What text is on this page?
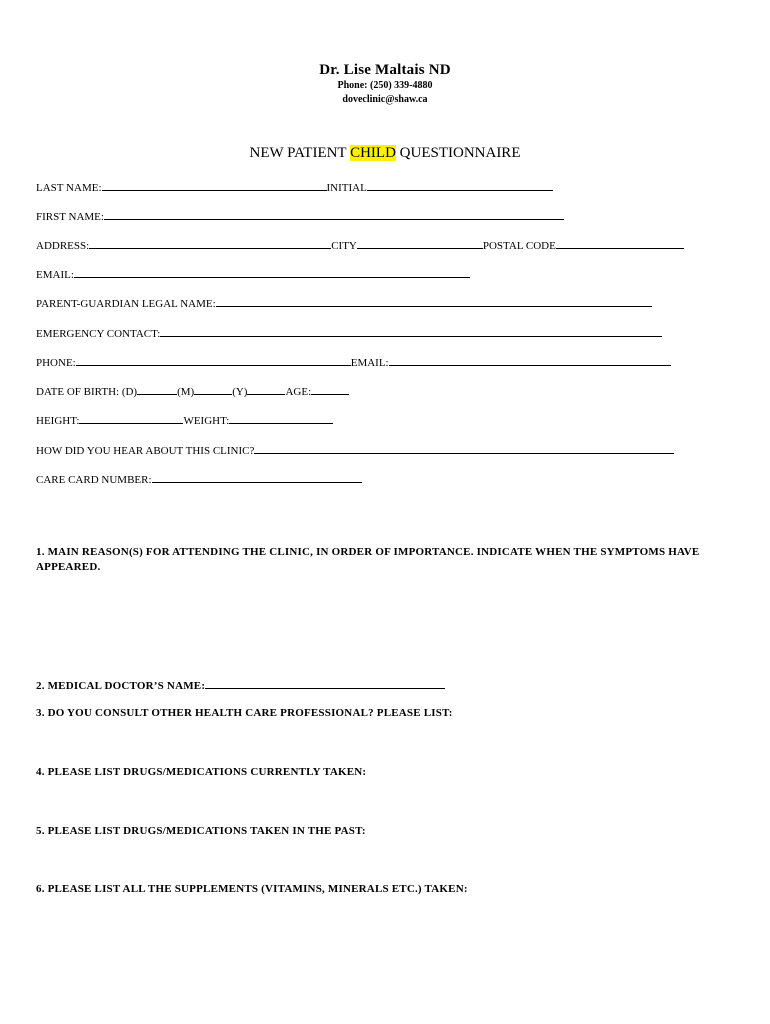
Dr. Lise Maltais ND
Phone: (250) 339-4880
doveclinic@shaw.ca
NEW PATIENT CHILD QUESTIONNAIRE
LAST NAME:	INITIAL
FIRST NAME:
ADDRESS:	CITY	POSTAL CODE
EMAIL:
PARENT-GUARDIAN LEGAL NAME:
EMERGENCY CONTACT:
PHONE:	EMAIL:
DATE OF BIRTH: (D)	(M)	(Y)	AGE:
HEIGHT:	WEIGHT:
HOW DID YOU HEAR ABOUT THIS CLINIC?
CARE CARD NUMBER:
1. MAIN REASON(S) FOR ATTENDING THE CLINIC, IN ORDER OF IMPORTANCE. INDICATE WHEN THE SYMPTOMS HAVE APPEARED.
2. MEDICAL DOCTOR’S NAME:
3. DO YOU CONSULT OTHER HEALTH CARE PROFESSIONAL? PLEASE LIST:
4. PLEASE LIST DRUGS/MEDICATIONS CURRENTLY TAKEN:
5. PLEASE LIST DRUGS/MEDICATIONS TAKEN IN THE PAST:
6. PLEASE LIST ALL THE SUPPLEMENTS (VITAMINS, MINERALS ETC.) TAKEN:
